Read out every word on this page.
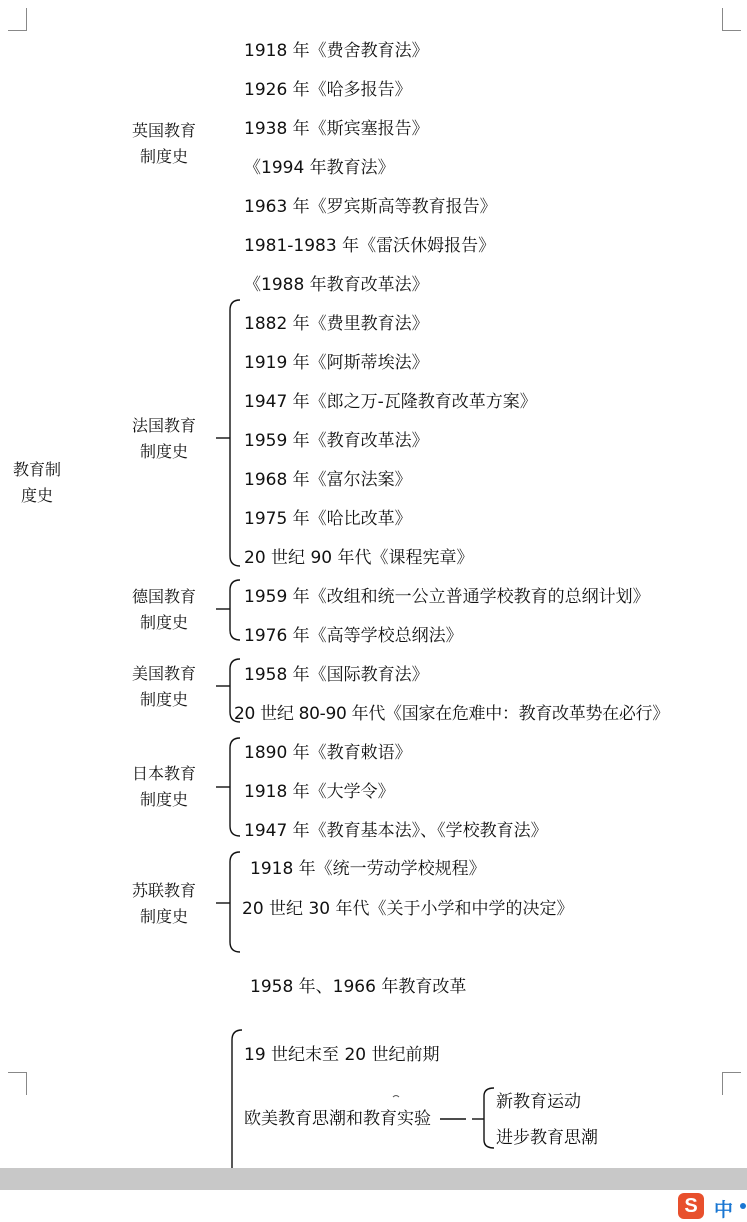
教育制
度史
英国教育
制度史
1918 年《费舍教育法》
1926 年《哈多报告》
1938 年《斯宾塞报告》
《1994 年教育法》
1963 年《罗宾斯高等教育报告》
1981-1983 年《雷沃休姆报告》
《1988 年教育改革法》
法国教育
制度史
1882 年《费里教育法》
1919 年《阿斯蒂埃法》
1947 年《郎之万-瓦隆教育改革方案》
1959 年《教育改革法》
1968 年《富尔法案》
1975 年《哈比改革》
20 世纪 90 年代《课程宪章》
德国教育
制度史
1959 年《改组和统一公立普通学校教育的总纲计划》
1976 年《高等学校总纲法》
美国教育
制度史
1958 年《国际教育法》
20 世纪 80-90 年代《国家在危难中：教育改革势在必行》
日本教育
制度史
1890 年《教育敕语》
1918 年《大学令》
1947 年《教育基本法》、《学校教育法》
苏联教育
制度史
1918 年《统一劳动学校规程》
20 世纪 30 年代《关于小学和中学的决定》
1958 年、1966 年教育改革
19 世纪末至 20 世纪前期
欧美教育思潮和教育实验
新教育运动
进步教育思潮
S 中
